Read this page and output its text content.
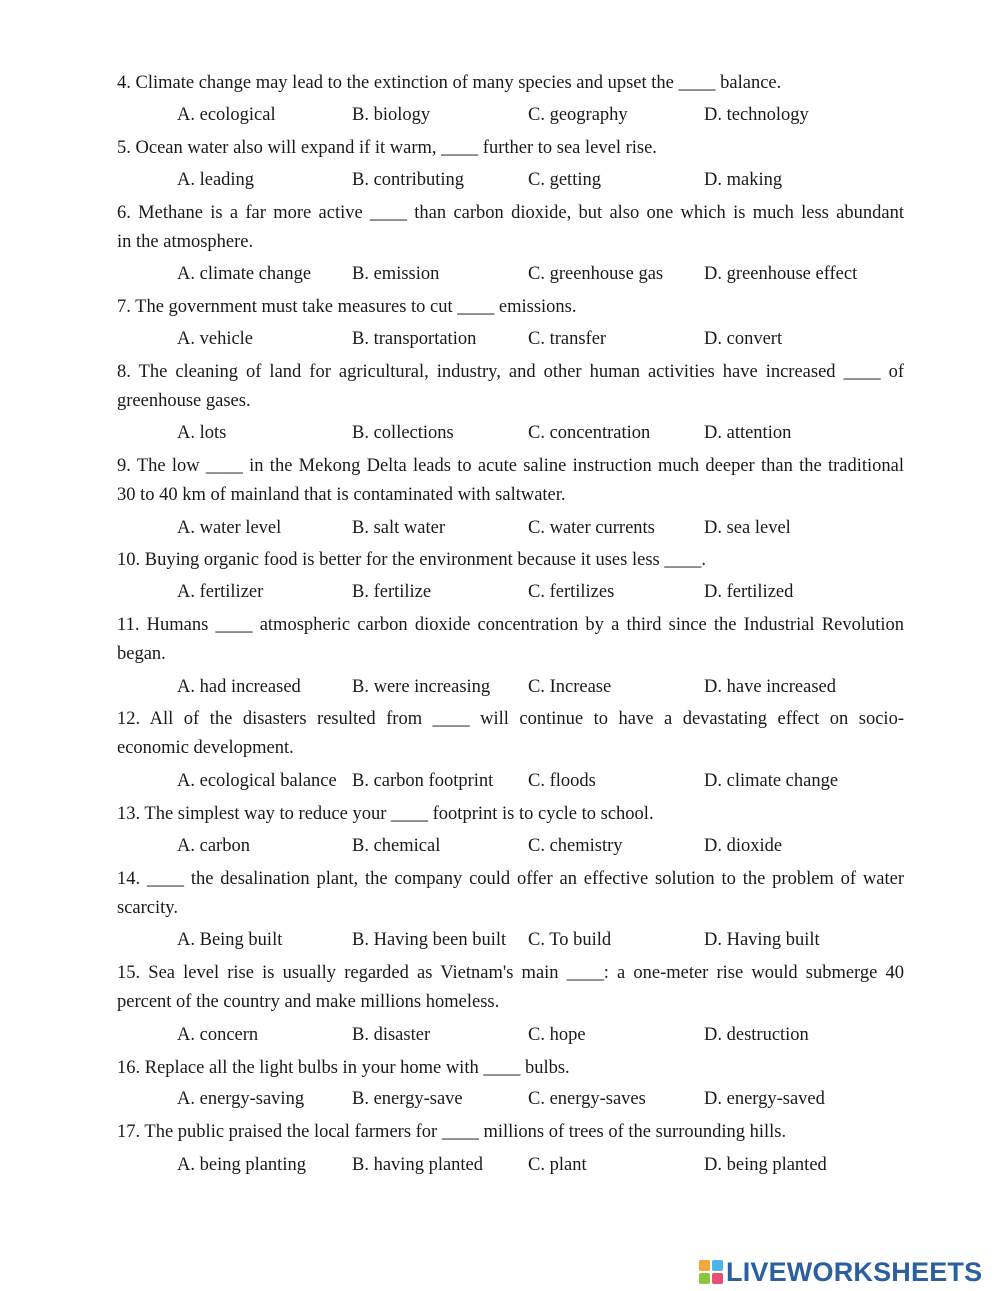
4. Climate change may lead to the extinction of many species and upset the ____ balance.
A. ecological	B. biology	C. geography	D. technology
5. Ocean water also will expand if it warm, ____ further to sea level rise.
A. leading	B. contributing	C. getting	D. making
6. Methane is a far more active ____ than carbon dioxide, but also one which is much less abundant
in the atmosphere.
A. climate change B. emission	C. greenhouse gas D. greenhouse effect
7. The government must take measures to cut ____ emissions.
A. vehicle	B. transportation	C. transfer	D. convert
8. The cleaning of land for agricultural, industry, and other human activities have increased ____ of
greenhouse gases.
A. lots	B. collections	C. concentration	D. attention
9. The low ____ in the Mekong Delta leads to acute saline instruction much deeper than the traditional
30 to 40 km of mainland that is contaminated with saltwater.
A. water level	B. salt water	C. water currents	D. sea level
10. Buying organic food is better for the environment because it uses less ____.
A. fertilizer	B. fertilize	C. fertilizes	D. fertilized
11. Humans ____ atmospheric carbon dioxide concentration by a third since the Industrial Revolution
began.
A. had increased	B. were increasing C. Increase	D. have increased
12. All of the disasters resulted from ____ will continue to have a devastating effect on socio-
economic development.
A. ecological balance B. carbon footprint C. floods	D. climate change
13. The simplest way to reduce your ____ footprint is to cycle to school.
A. carbon	B. chemical	C. chemistry	D. dioxide
14. ____ the desalination plant, the company could offer an effective solution to the problem of water
scarcity.
A. Being built	B. Having been built C. To build	D. Having built
15. Sea level rise is usually regarded as Vietnam's main ____: a one-meter rise would submerge 40
percent of the country and make millions homeless.
A. concern	B. disaster	C. hope	D. destruction
16. Replace all the light bulbs in your home with ____ bulbs.
A. energy-saving	B. energy-save	C. energy-saves	D. energy-saved
17. The public praised the local farmers for ____ millions of trees of the surrounding hills.
A. being planting B. having planted C. plant	D. being planted
LIVEWORKSHEETS
